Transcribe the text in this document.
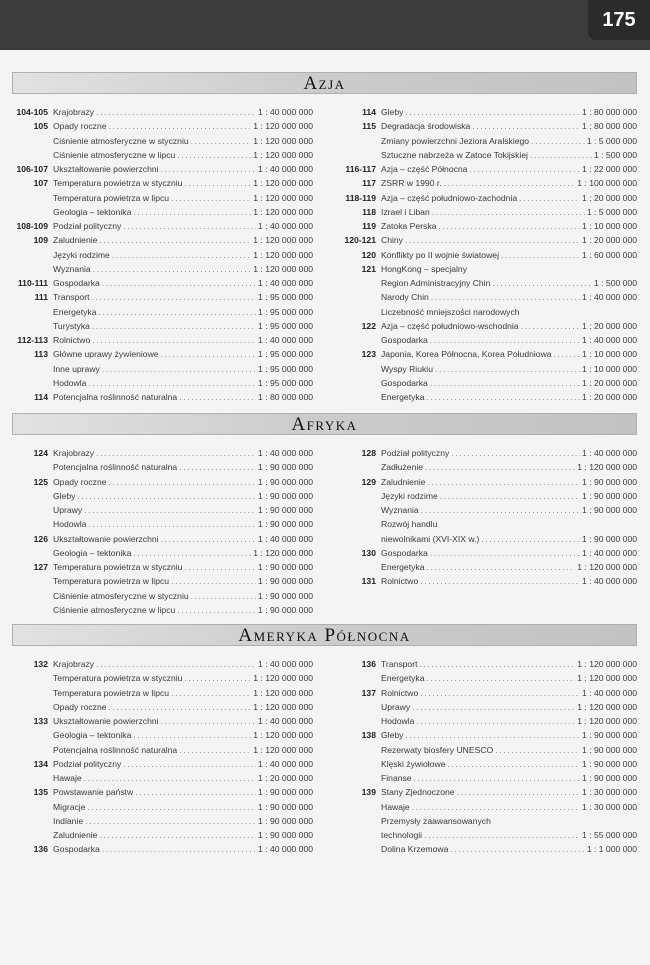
175
Azja
104-105 Krajobrazy .....	1 : 40 000 000
105 Opady roczne .....	1 : 120 000 000
Ciśnienie atmosferyczne w styczniu .....	1 : 120 000 000
Ciśnienie atmosferyczne w lipcu .....	1 : 120 000 000
106-107 Ukształtowanie powierzchni .....	1 : 40 000 000
107 Temperatura powietrza w styczniu .....	1 : 120 000 000
Temperatura powietrza w lipcu .....	1 : 120 000 000
Geologia – tektonika .....	1 : 120 000 000
108-109 Podział polityczny .....	1 : 40 000 000
109 Zaludnienie .....	1 : 120 000 000
Języki rodzime .....	1 : 120 000 000
Wyznania .....	1 : 120 000 000
110-111 Gospodarka .....	1 : 40 000 000
111 Transport .....	1 : 95 000 000
Energetyka .....	1 : 95 000 000
Turystyka .....	1 : 95 000 000
112-113 Rolnictwo .....	1 : 40 000 000
113 Główne uprawy żywieniowe .....	1 : 95 000 000
Inne uprawy .....	1 : 95 000 000
Hodowla .....	1 : 95 000 000
114 Potencjalna roślinność naturalna .....	1 : 80 000 000
114 Gleby .....	1 : 80 000 000
115 Degradacja środowiska .....	1 : 80 000 000
Zmiany powierzchni Jeziora Aralskiego .....	1 : 5 000 000
Sztuczne nabrzeża w Zatoce Tokijskiej .....	1 : 500 000
116-117 Azja – część Północna .....	1 : 22 000 000
117 ZSRR w 1990 r. .....	1 : 100 000 000
118-119 Azja – część południowo-zachodnia .....	1 : 20 000 000
118 Izrael i Liban .....	1 : 5 000 000
119 Zatoka Perska .....	1 : 10 000 000
120-121 Chiny .....	1 : 20 000 000
120 Konflikty po II wojnie światowej .....	1 : 60 000 000
121 HongKong – specjalny
Region Administracyjny Chin .....	1 : 500 000
Narody Chin .....	1 : 40 000 000
Liczebność mniejszości narodowych
122 Azja – część południowo-wschodnia .....	1 : 20 000 000
Gospodarka .....	1 : 40 000 000
123 Japonia, Korea Północna, Korea Południowa .....	1 : 10 000 000
Wyspy Riukiu .....	1 : 10 000 000
Gospodarka .....	1 : 20 000 000
Energetyka .....	1 : 20 000 000
Afryka
124 Krajobrazy .....	1 : 40 000 000
Potencjalna roślinność naturalna .....	1 : 90 000 000
125 Opady roczne .....	1 : 90 000 000
Gleby .....	1 : 90 000 000
Uprawy .....	1 : 90 000 000
Hodowla .....	1 : 90 000 000
126 Ukształtowanie powierzchni .....	1 : 40 000 000
Geologia – tektonika .....	1 : 120 000 000
127 Temperatura powietrza w styczniu .....	1 : 90 000 000
Temperatura powietrza w lipcu .....	1 : 90 000 000
Ciśnienie atmosferyczne w styczniu .....	1 : 90 000 000
Ciśnienie atmosferyczne w lipcu .....	1 : 90 000 000
128 Podział polityczny .....	1 : 40 000 000
Zadłużenie .....	1 : 120 000 000
129 Zaludnienie .....	1 : 90 000 000
Języki rodzime .....	1 : 90 000 000
Wyznania .....	1 : 90 000 000
Rozwój handlu
niewolnikami (XVI-XIX w.) .....	1 : 90 000 000
130 Gospodarka .....	1 : 40 000 000
Energetyka .....	1 : 120 000 000
131 Rolnictwo .....	1 : 40 000 000
Ameryka Północna
132 Krajobrazy .....	1 : 40 000 000
Temperatura powietrza w styczniu .....	1 : 120 000 000
Temperatura powietrza w lipcu .....	1 : 120 000 000
Opady roczne .....	1 : 120 000 000
133 Ukształtowanie powierzchni .....	1 : 40 000 000
Geologia – tektonika .....	1 : 120 000 000
Potencjalna roślinność naturalna .....	1 : 120 000 000
134 Podział polityczny .....	1 : 40 000 000
Hawaje .....	1 : 20 000 000
135 Powstawanie państw .....	1 : 90 000 000
Migracje .....	1 : 90 000 000
Indianie .....	1 : 90 000 000
Zaludnienie .....	1 : 90 000 000
136 Gospodarka .....	1 : 40 000 000
136 Transport .....	1 : 120 000 000
Energetyka .....	1 : 120 000 000
137 Rolnictwo .....	1 : 40 000 000
Uprawy .....	1 : 120 000 000
Hodowla .....	1 : 120 000 000
138 Gleby .....	1 : 90 000 000
Rezerwaty biosfery UNESCO .....	1 : 90 000 000
Klęski żywiołowe .....	1 : 90 000 000
Finanse .....	1 : 90 000 000
139 Stany Zjednoczone .....	1 : 30 000 000
Hawaje .....	1 : 30 000 000
Przemysły zaawansowanych
technologii .....	1 : 55 000 000
Dolina Krzemowa .....	1 : 1 000 000
